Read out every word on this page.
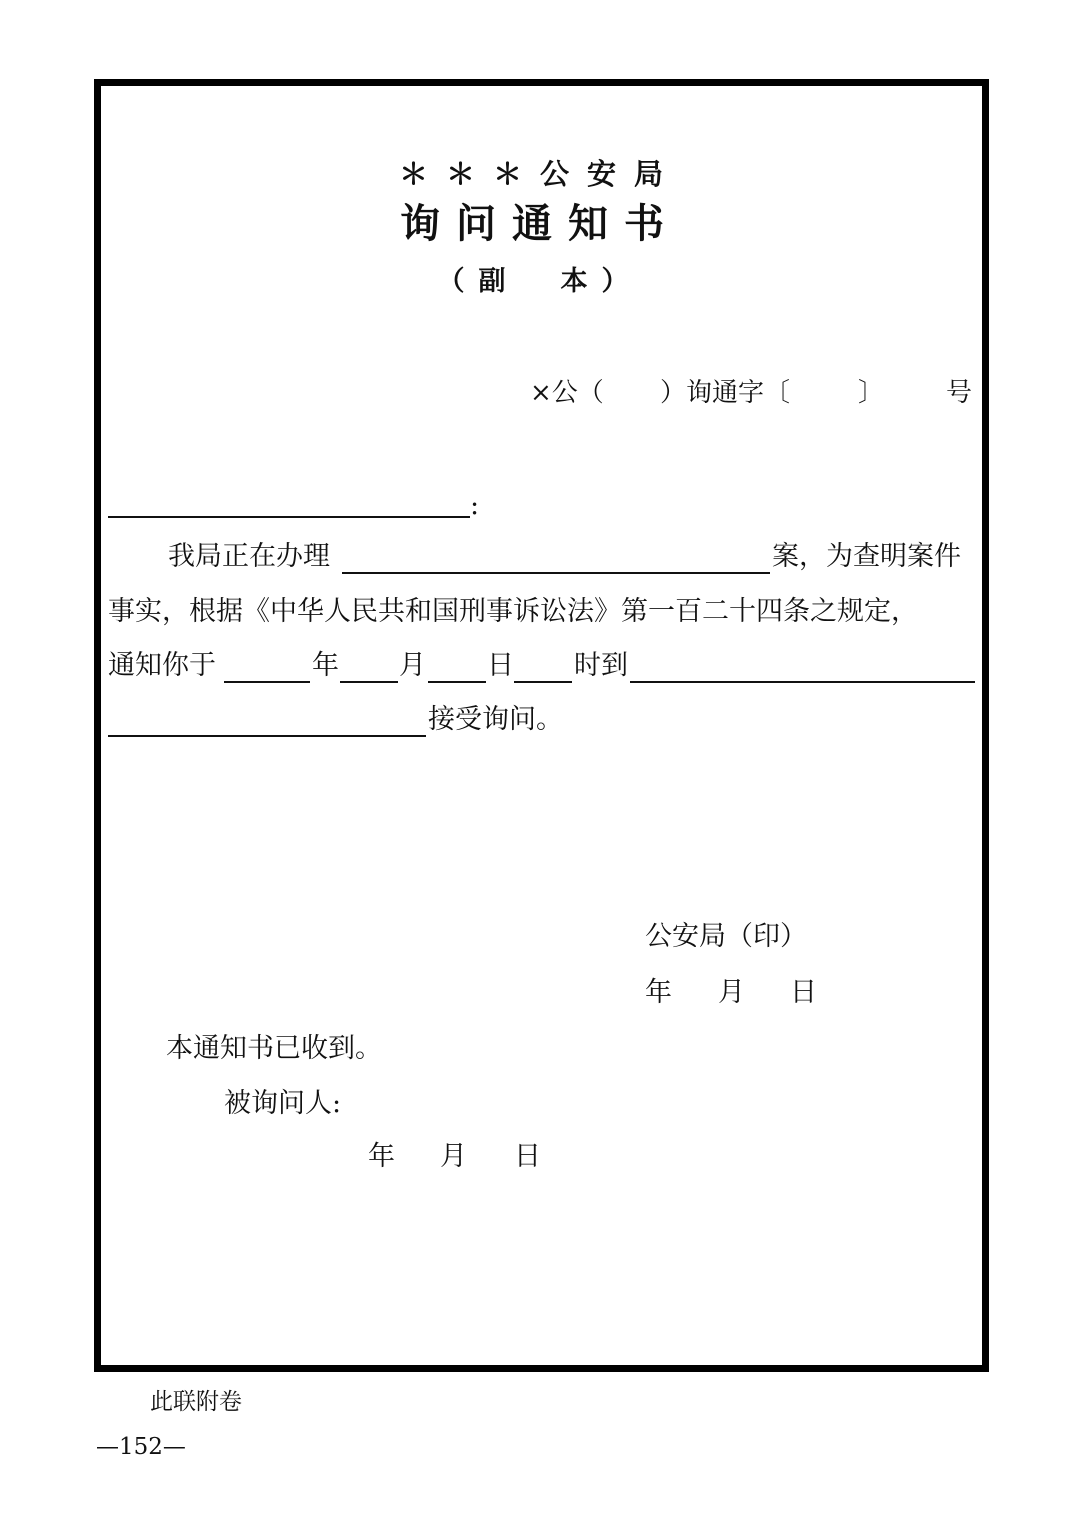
＊＊＊公安局
询问通知书
（副　本）
×公（ ）询通字〔	〕 号
:
我局正在办理	案，为查明案件
事实，根据《中华人民共和国刑事诉讼法》第一百二十四条之规定，
通知你于	年 月 日 时到
接受询问。
公安局（印）
年 月 日
本通知书已收到。
被询问人:
年 月 日
此联附卷
—152—
